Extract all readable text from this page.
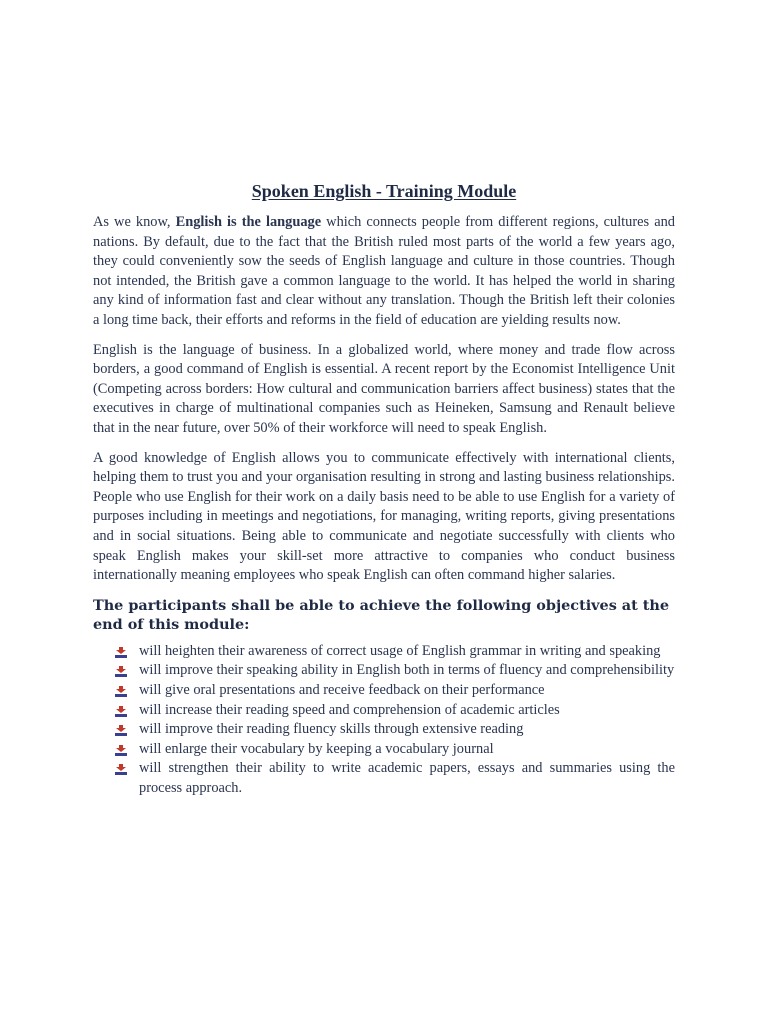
Spoken English - Training Module

As we know, English is the language which connects people from different regions, cultures and nations. By default, due to the fact that the British ruled most parts of the world a few years ago, they could conveniently sow the seeds of English language and culture in those countries. Though not intended, the British gave a common language to the world. It has helped the world in sharing any kind of information fast and clear without any translation. Though the British left their colonies a long time back, their efforts and reforms in the field of education are yielding results now.

English is the language of business. In a globalized world, where money and trade flow across borders, a good command of English is essential. A recent report by the Economist Intelligence Unit (Competing across borders: How cultural and communication barriers affect business) states that the executives in charge of multinational companies such as Heineken, Samsung and Renault believe that in the near future, over 50% of their workforce will need to speak English.

A good knowledge of English allows you to communicate effectively with international clients, helping them to trust you and your organisation resulting in strong and lasting business relationships. People who use English for their work on a daily basis need to be able to use English for a variety of purposes including in meetings and negotiations, for managing, writing reports, giving presentations and in social situations. Being able to communicate and negotiate successfully with clients who speak English makes your skill-set more attractive to companies who conduct business internationally meaning employees who speak English can often command higher salaries.

The participants shall be able to achieve the following objectives at the end of this module:

will heighten their awareness of correct usage of English grammar in writing and speaking
will improve their speaking ability in English both in terms of fluency and comprehensibility
will give oral presentations and receive feedback on their performance
will increase their reading speed and comprehension of academic articles
will improve their reading fluency skills through extensive reading
will enlarge their vocabulary by keeping a vocabulary journal
will strengthen their ability to write academic papers, essays and summaries using the process approach.
